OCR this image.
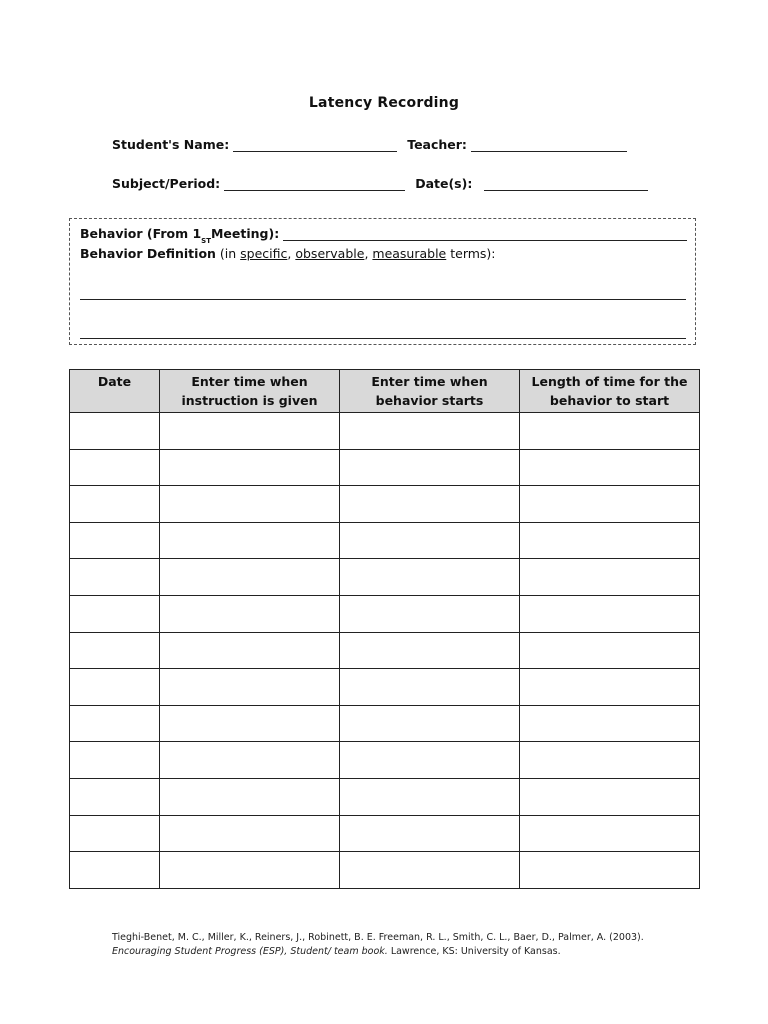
Latency Recording
Student's Name:	Teacher:
Subject/Period:	Date(s):
Behavior (From 1 ST Meeting):
Behavior Definition (in specific , observable , measurable terms):
Date	Enter time when instruction is given	Enter time when behavior starts	Length of time for the behavior to start

Tieghi-Benet, M. C., Miller, K., Reiners, J., Robinett, B. E. Freeman, R. L., Smith, C. L., Baer, D., Palmer, A. (2003).
Encouraging Student Progress (ESP), Student/ team book. Lawrence, KS: University of Kansas.
